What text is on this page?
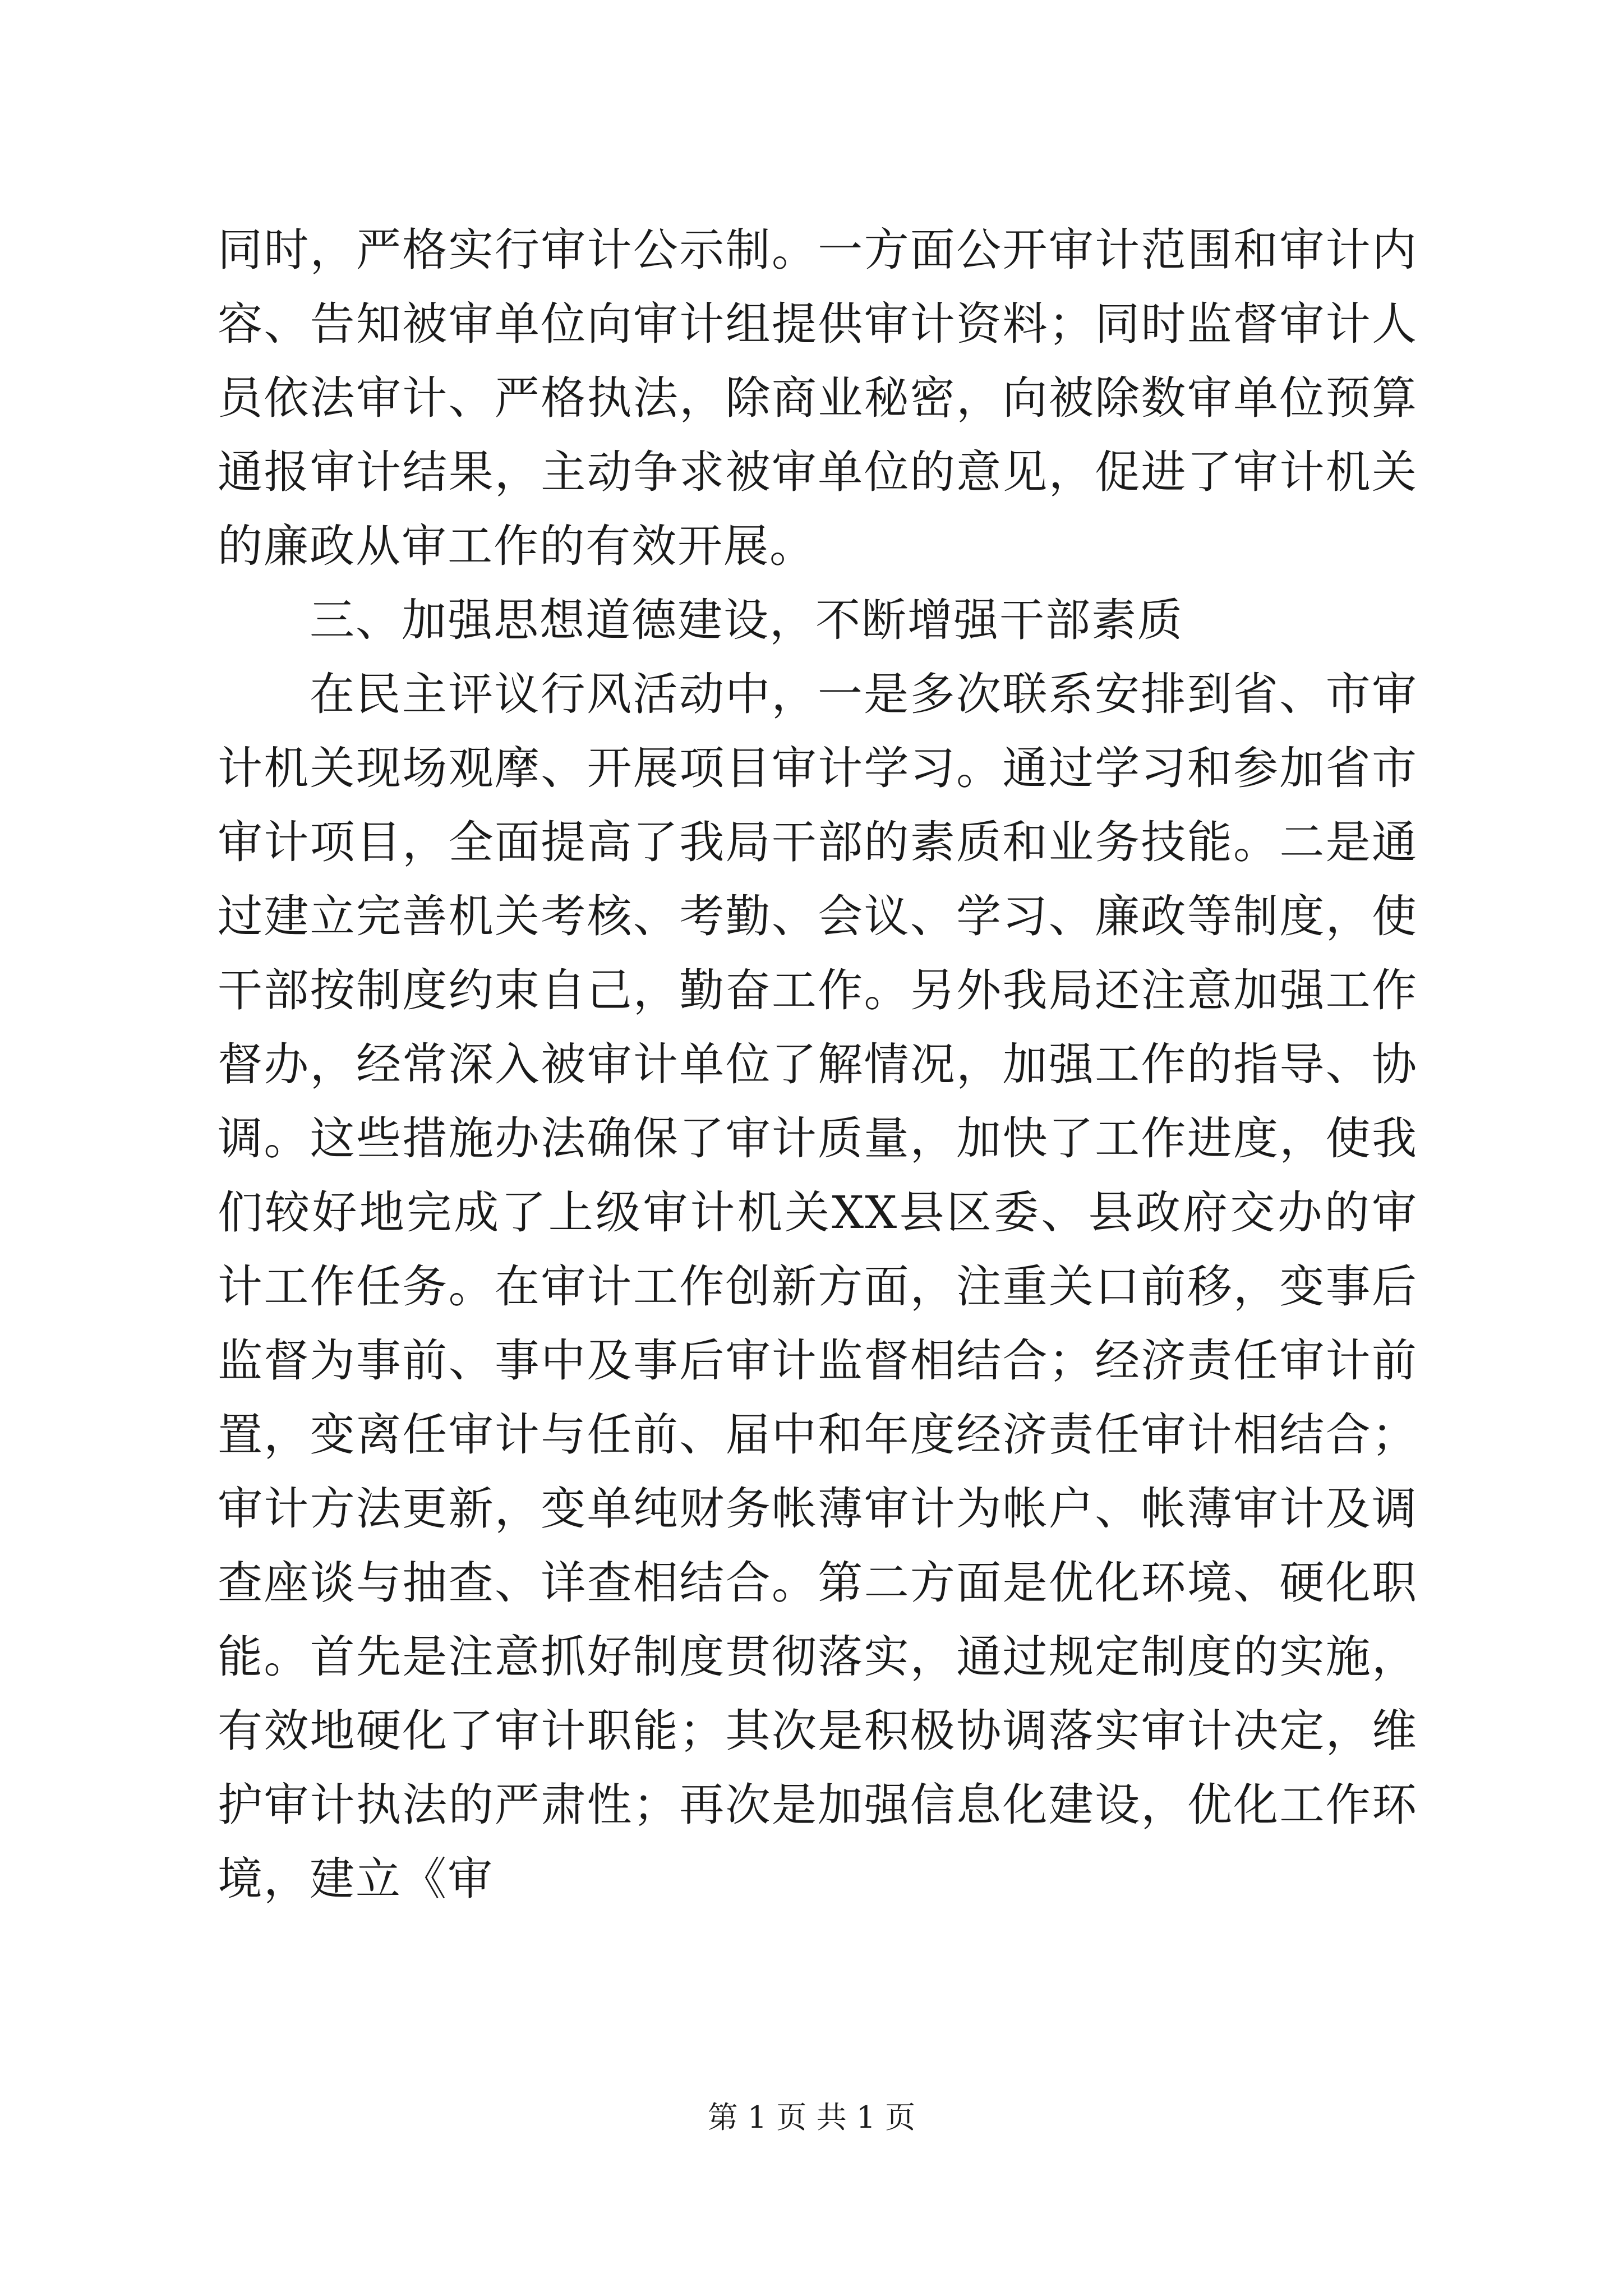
同时，严格实行审计公示制。一方面公开审计范围和审计内容、告知被审单位向审计组提供审计资料；同时监督审计人员依法审计、严格执法，除商业秘密，向被除数审单位预算通报审计结果，主动争求被审单位的意见，促进了审计机关的廉政从审工作的有效开展。

三、加强思想道德建设，不断增强干部素质

在民主评议行风活动中，一是多次联系安排到省、市审计机关现场观摩、开展项目审计学习。通过学习和参加省市审计项目，全面提高了我局干部的素质和业务技能。二是通过建立完善机关考核、考勤、会议、学习、廉政等制度，使干部按制度约束自己，勤奋工作。另外我局还注意加强工作督办，经常深入被审计单位了解情况，加强工作的指导、协调。这些措施办法确保了审计质量，加快了工作进度，使我们较好地完成了上级审计机关XX县区委、县政府交办的审计工作任务。在审计工作创新方面，注重关口前移，变事后监督为事前、事中及事后审计监督相结合；经济责任审计前置，变离任审计与任前、届中和年度经济责任审计相结合；审计方法更新，变单纯财务帐薄审计为帐户、帐薄审计及调查座谈与抽查、详查相结合。第二方面是优化环境、硬化职能。首先是注意抓好制度贯彻落实，通过规定制度的实施，有效地硬化了审计职能；其次是积极协调落实审计决定，维护审计执法的严肃性；再次是加强信息化建设，优化工作环境，建立《审

第 1 页 共 1 页
